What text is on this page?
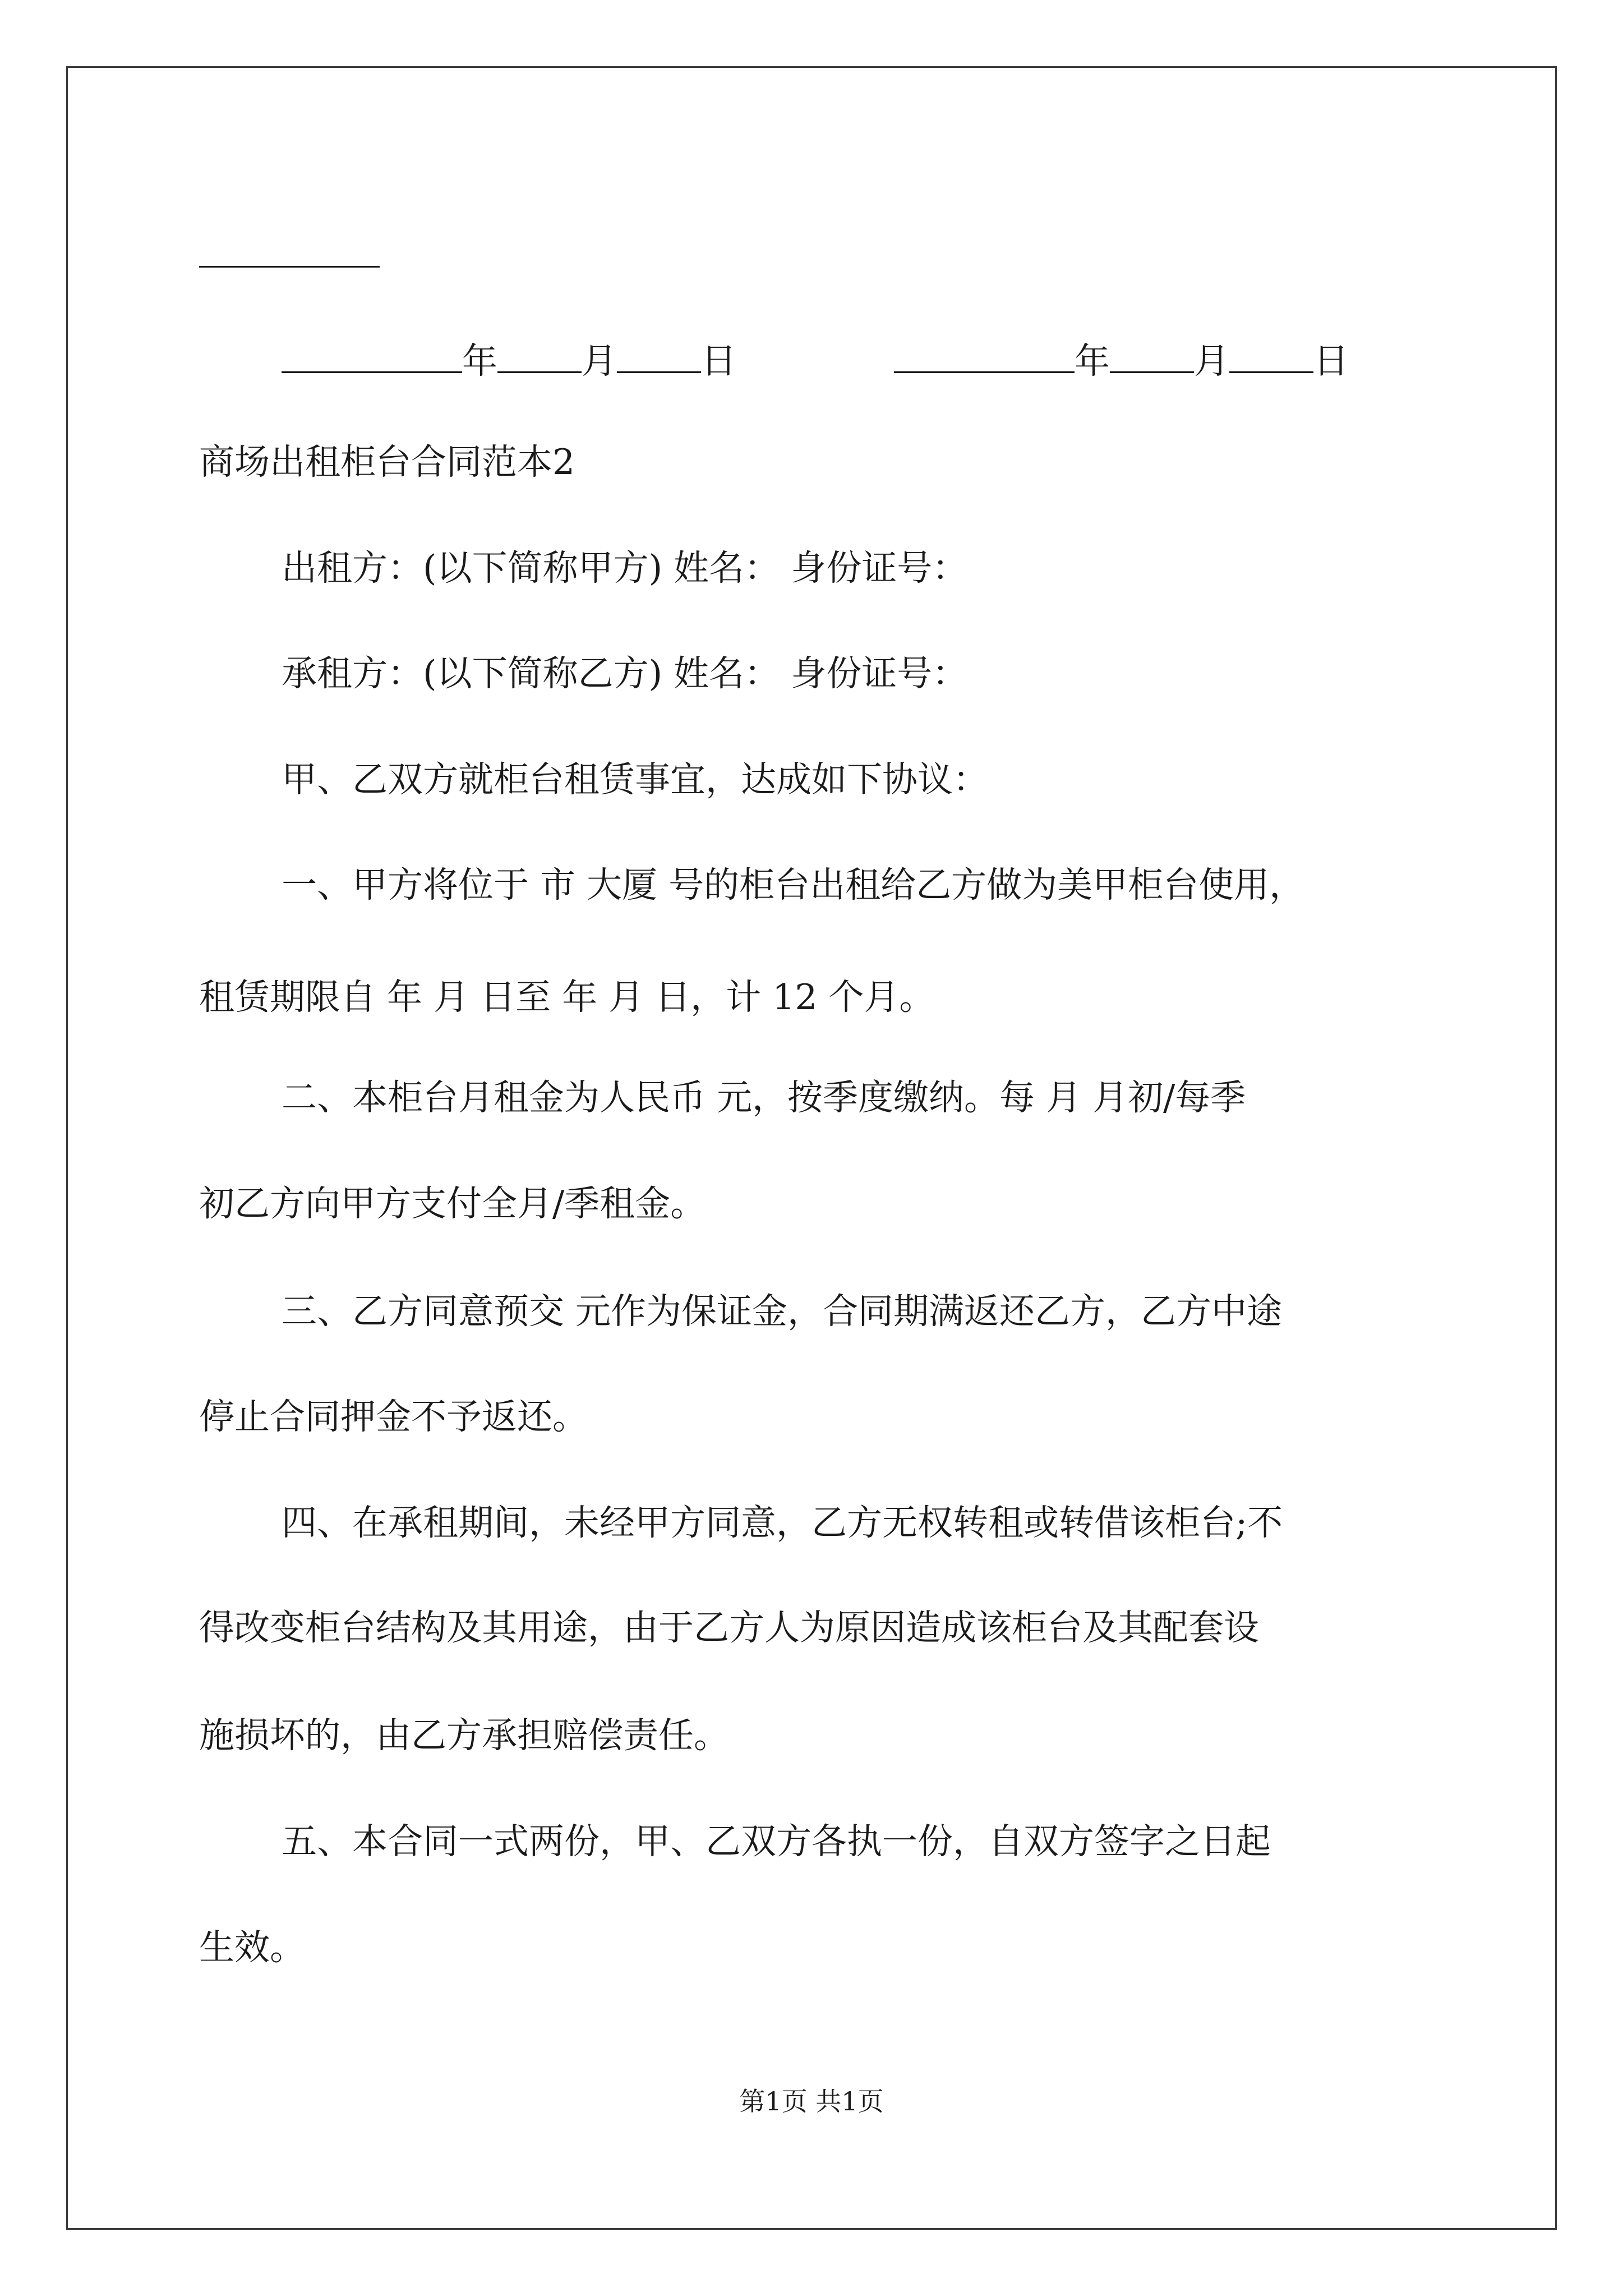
年 月 日	年 月 日
商场出租柜台合同范本2
出租方：(以下简称甲方) 姓名： 身份证号：
承租方：(以下简称乙方) 姓名： 身份证号：
甲、乙双方就柜台租赁事宜，达成如下协议：
一、甲方将位于 市 大厦 号的柜台出租给乙方做为美甲柜台使用，
租赁期限自 年 月 日至 年 月 日，计 12 个月。
二、本柜台月租金为人民币 元，按季度缴纳。每 月 月初/每季
初乙方向甲方支付全月/季租金。
三、乙方同意预交 元作为保证金，合同期满返还乙方，乙方中途
停止合同押金不予返还。
四、在承租期间，未经甲方同意，乙方无权转租或转借该柜台;不
得改变柜台结构及其用途，由于乙方人为原因造成该柜台及其配套设
施损坏的，由乙方承担赔偿责任。
五、本合同一式两份，甲、乙双方各执一份，自双方签字之日起
生效。
第1页 共1页
